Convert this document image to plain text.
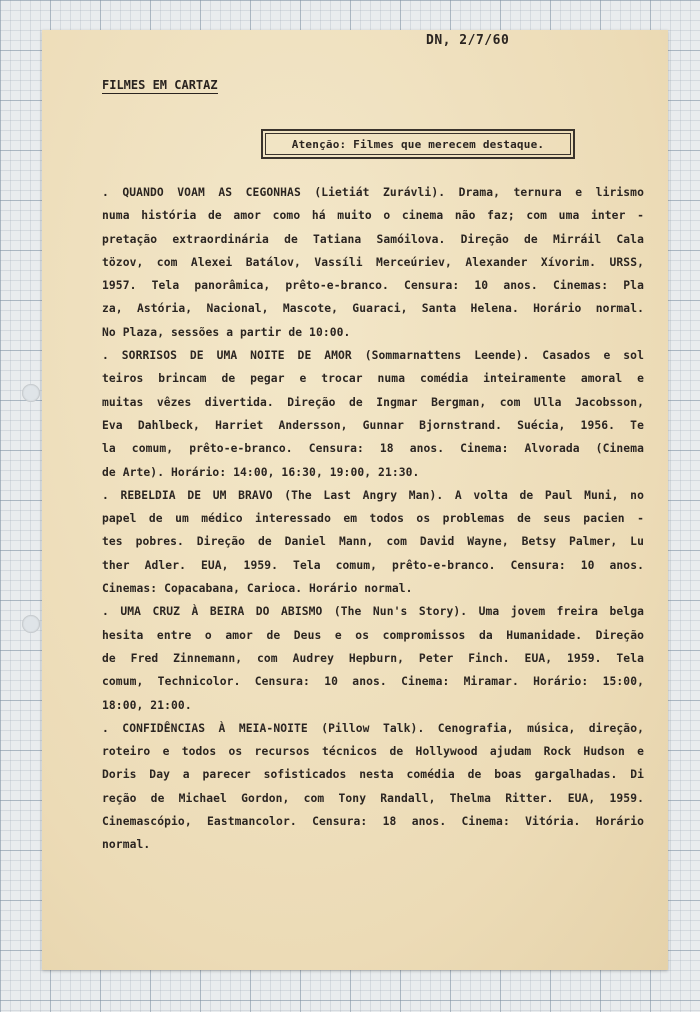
DN, 2/7/60
FILMES EM CARTAZ
Atenção: Filmes que merecem destaque.
. QUANDO VOAM AS CEGONHAS (Lietiát Zurávli). Drama, ternura e lirismo
numa história de amor como há muito o cinema não faz; com uma inter -
pretação extraordinária de Tatiana Samóilova. Direção de Mirráil Cala
tözov, com Alexei Batálov, Vassíli Merceúriev, Alexander Xívorim. URSS,
1957. Tela panorâmica, prêto-e-branco. Censura: 10 anos. Cinemas: Pla
za, Astória, Nacional, Mascote, Guaraci, Santa Helena. Horário normal.
No Plaza, sessões a partir de 10:00.
. SORRISOS DE UMA NOITE DE AMOR (Sommarnattens Leende). Casados e sol
teiros brincam de pegar e trocar numa comédia inteiramente amoral e
muitas vêzes divertida. Direção de Ingmar Bergman, com Ulla Jacobsson,
Eva Dahlbeck, Harriet Andersson, Gunnar Bjornstrand. Suécia, 1956. Te
la comum, prêto-e-branco. Censura: 18 anos. Cinema: Alvorada (Cinema
de Arte). Horário: 14:00, 16:30, 19:00, 21:30.
. REBELDIA DE UM BRAVO (The Last Angry Man). A volta de Paul Muni, no
papel de um médico interessado em todos os problemas de seus pacien -
tes pobres. Direção de Daniel Mann, com David Wayne, Betsy Palmer, Lu
ther Adler. EUA, 1959. Tela comum, prêto-e-branco. Censura: 10 anos.
Cinemas: Copacabana, Carioca. Horário normal.
. UMA CRUZ À BEIRA DO ABISMO (The Nun's Story). Uma jovem freira belga
hesita entre o amor de Deus e os compromissos da Humanidade. Direção
de Fred Zinnemann, com Audrey Hepburn, Peter Finch. EUA, 1959. Tela
comum, Technicolor. Censura: 10 anos. Cinema: Miramar. Horário: 15:00,
18:00, 21:00.
. CONFIDÊNCIAS À MEIA-NOITE (Pillow Talk). Cenografia, música, direção,
roteiro e todos os recursos técnicos de Hollywood ajudam Rock Hudson e
Doris Day a parecer sofisticados nesta comédia de boas gargalhadas. Di
reção de Michael Gordon, com Tony Randall, Thelma Ritter. EUA, 1959.
Cinemascópio, Eastmancolor. Censura: 18 anos. Cinema: Vitória. Horário
normal.
